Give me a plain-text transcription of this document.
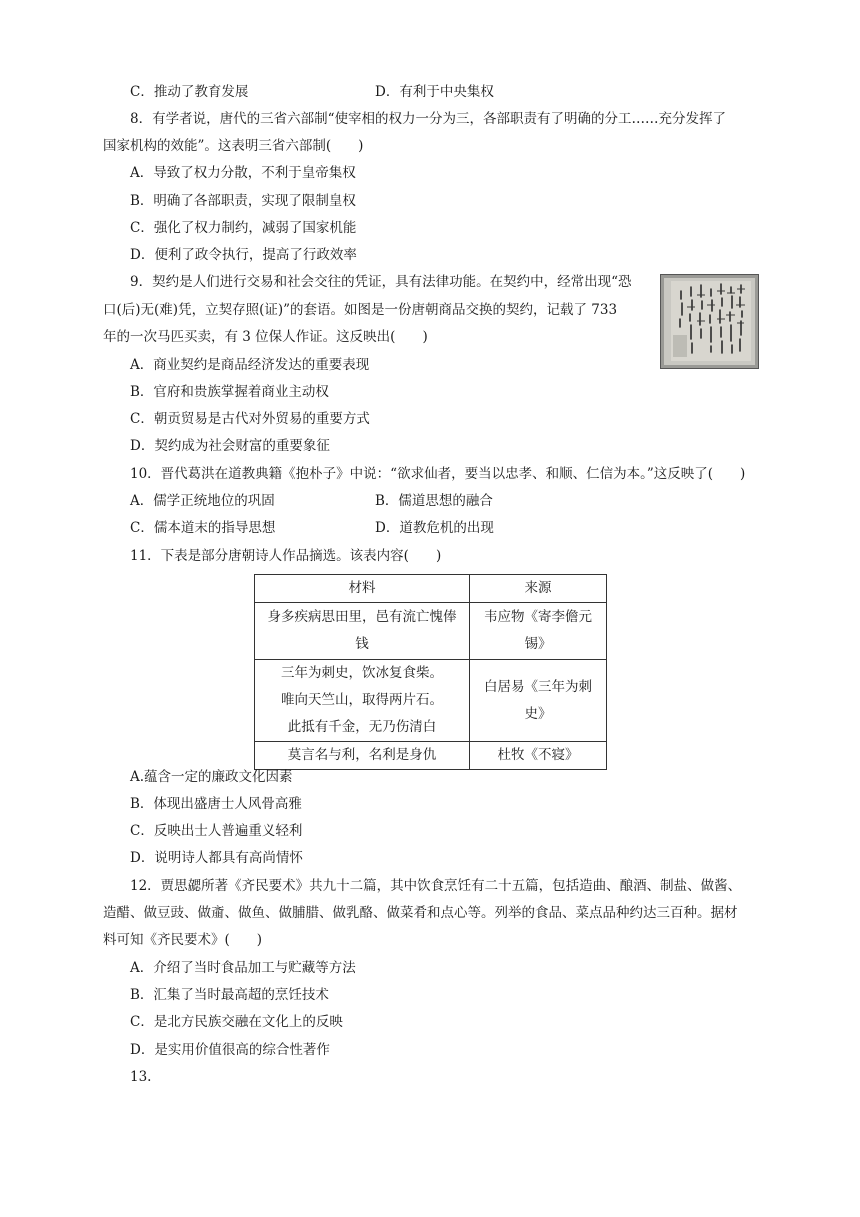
C．推动了教育发展	D．有利于中央集权
8．有学者说，唐代的三省六部制“使宰相的权力一分为三，各部职责有了明确的分工……充分发挥了
国家机构的效能”。这表明三省六部制(　　)
A．导致了权力分散，不利于皇帝集权
B．明确了各部职责，实现了限制皇权
C．强化了权力制约，减弱了国家机能
D．便利了政令执行，提高了行政效率
9．契约是人们进行交易和社会交往的凭证，具有法律功能。在契约中，经常出现“恐
口(后)无(难)凭，立契存照(证)”的套语。如图是一份唐朝商品交换的契约，记载了 733
年的一次马匹买卖，有 3 位保人作证。这反映出(　　)
A．商业契约是商品经济发达的重要表现
B．官府和贵族掌握着商业主动权
C．朝贡贸易是古代对外贸易的重要方式
D．契约成为社会财富的重要象征
10．晋代葛洪在道教典籍《抱朴子》中说：“欲求仙者，要当以忠孝、和顺、仁信为本。”这反映了(　　)
A．儒学正统地位的巩固	B．儒道思想的融合
C．儒本道末的指导思想	D．道教危机的出现
11．下表是部分唐朝诗人作品摘选。该表内容(　　)
材料	来源

身多疾病思田里，邑有流亡愧俸
钱	韦应物《寄李儋元锡》

三年为刺史，饮冰复食柴。
唯向天竺山，取得两片石。
此抵有千金，无乃伤清白	白居易《三年为刺史》

莫言名与利，名利是身仇	杜牧《不寝》
A.蕴含一定的廉政文化因素
B．体现出盛唐士人风骨高雅
C．反映出士人普遍重义轻利
D．说明诗人都具有高尚情怀
12．贾思勰所著《齐民要术》共九十二篇，其中饮食烹饪有二十五篇，包括造曲、酿酒、制盐、做酱、
造醋、做豆豉、做齑、做鱼、做脯腊、做乳酪、做菜肴和点心等。列举的食品、菜点品种约达三百种。据材
料可知《齐民要术》(　　)
A．介绍了当时食品加工与贮藏等方法
B．汇集了当时最高超的烹饪技术
C．是北方民族交融在文化上的反映
D．是实用价值很高的综合性著作
13.
